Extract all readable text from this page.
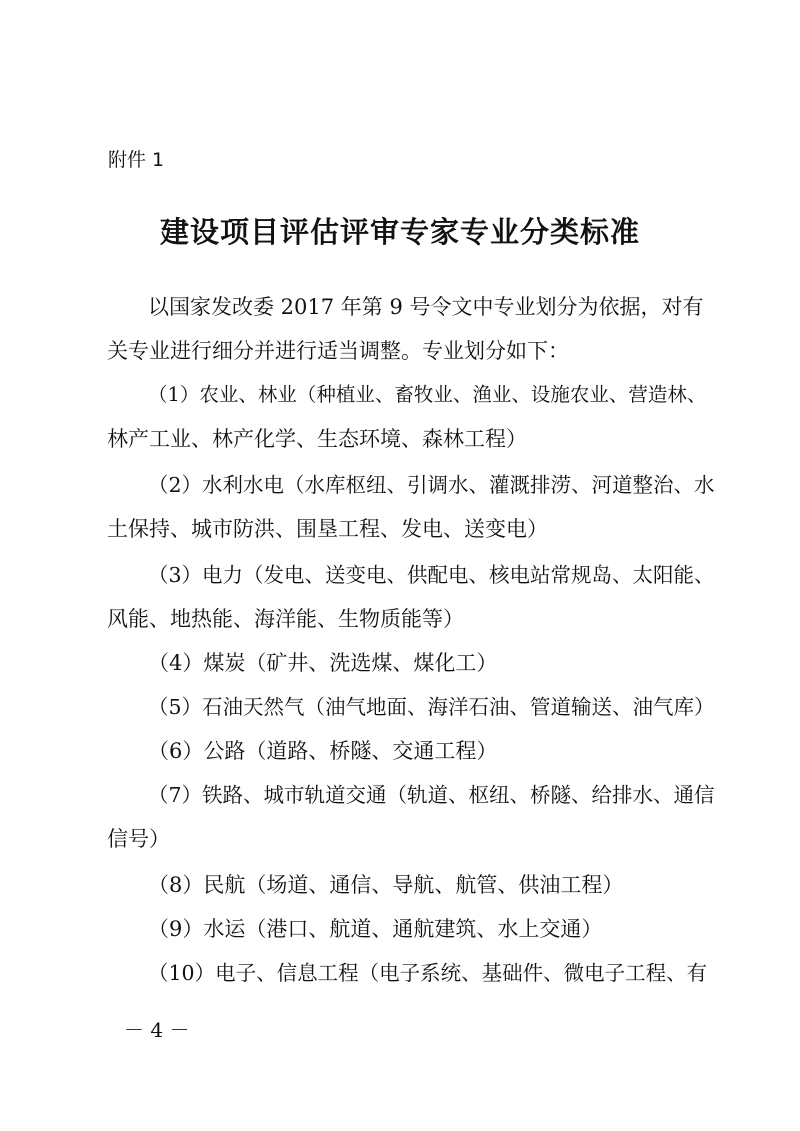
附件 1
建设项目评估评审专家专业分类标准
以国家发改委 2017 年第 9 号令文中专业划分为依据，对有
关专业进行细分并进行适当调整。专业划分如下：
（1）农业、林业（种植业、畜牧业、渔业、设施农业、营造林、
林产工业、林产化学、生态环境、森林工程）
（2）水利水电（水库枢纽、引调水、灌溉排涝、河道整治、水
土保持、城市防洪、围垦工程、发电、送变电）
（3）电力（发电、送变电、供配电、核电站常规岛、太阳能、
风能、地热能、海洋能、生物质能等）
（4）煤炭（矿井、洗选煤、煤化工）
（5）石油天然气（油气地面、海洋石油、管道输送、油气库）
（6）公路（道路、桥隧、交通工程）
（7）铁路、城市轨道交通（轨道、枢纽、桥隧、给排水、通信
信号）
（8）民航（场道、通信、导航、航管、供油工程）
（9）水运（港口、航道、通航建筑、水上交通）
（10）电子、信息工程（电子系统、基础件、微电子工程、有
－ 4 －
